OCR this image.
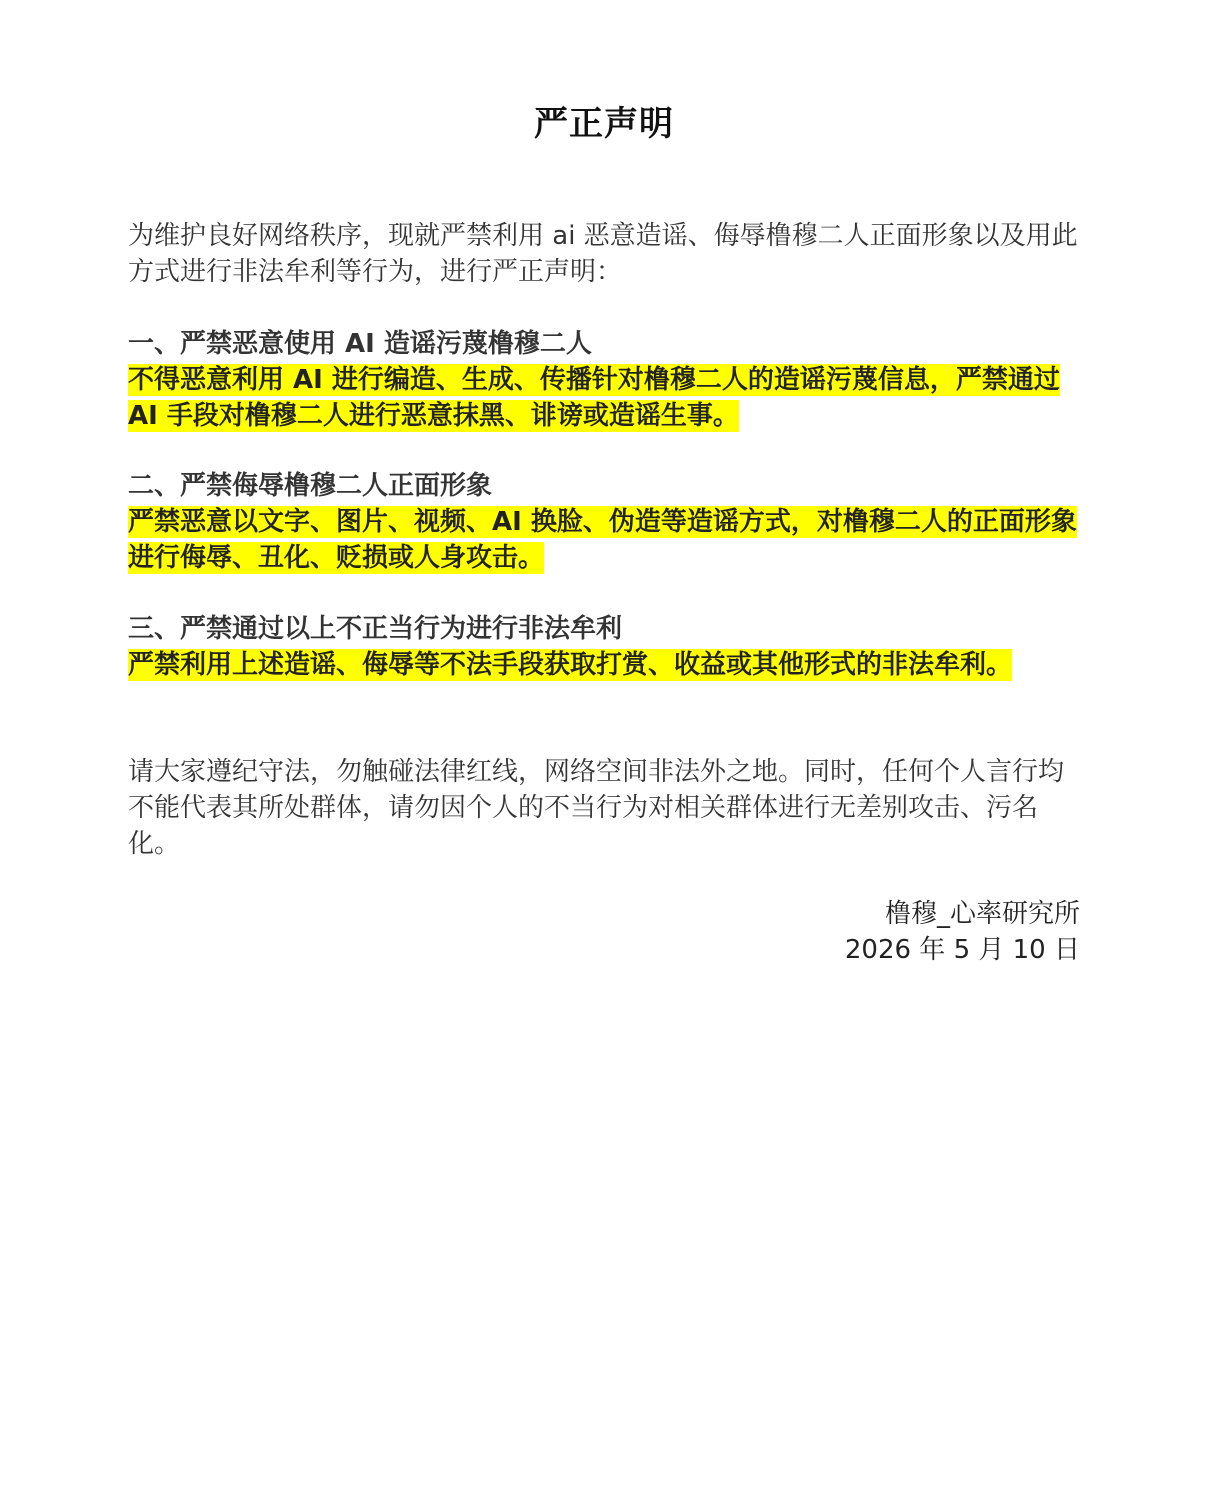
严正声明
为维护良好网络秩序，现就严禁利用 ai 恶意造谣、侮辱橹穆二人正面形象以及用此方式进行非法牟利等行为，进行严正声明：
一、严禁恶意使用 AI 造谣污蔑橹穆二人
不得恶意利用 AI 进行编造、生成、传播针对橹穆二人的造谣污蔑信息，严禁通过 AI 手段对橹穆二人进行恶意抹黑、诽谤或造谣生事。
二、严禁侮辱橹穆二人正面形象
严禁恶意以文字、图片、视频、AI 换脸、伪造等造谣方式，对橹穆二人的正面形象进行侮辱、丑化、贬损或人身攻击。
三、严禁通过以上不正当行为进行非法牟利
严禁利用上述造谣、侮辱等不法手段获取打赏、收益或其他形式的非法牟利。
请大家遵纪守法，勿触碰法律红线，网络空间非法外之地。同时，任何个人言行均不能代表其所处群体，请勿因个人的不当行为对相关群体进行无差别攻击、污名化。
橹穆_心率研究所
2026 年 5 月 10 日
